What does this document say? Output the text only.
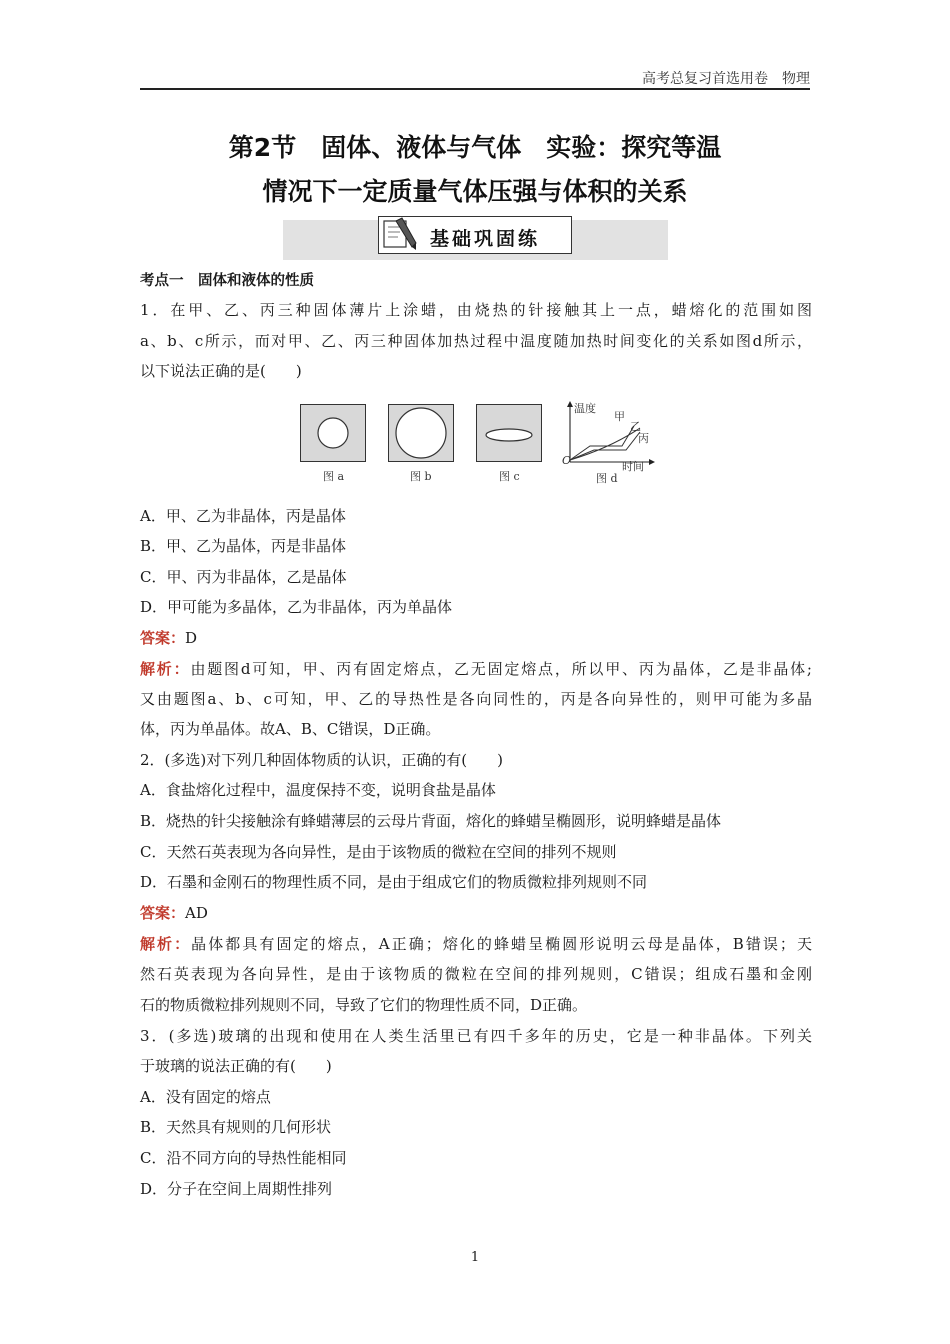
高考总复习首选用卷　物理
第2节　固体、液体与气体　实验：探究等温
情况下一定质量气体压强与体积的关系
基础巩固练
考点一　固体和液体的性质
1．在甲、乙、丙三种固体薄片上涂蜡，由烧热的针接触其上一点，蜡熔化的范围如图
a、b、c所示，而对甲、乙、丙三种固体加热过程中温度随加热时间变化的关系如图d所示，
以下说法正确的是(　　)
图 a	图 b	图 c
温度
甲
乙
丙
O	时间
图 d
A．甲、乙为非晶体，丙是晶体
B．甲、乙为晶体，丙是非晶体
C．甲、丙为非晶体，乙是晶体
D．甲可能为多晶体，乙为非晶体，丙为单晶体
答案：D
解析：由题图d可知，甲、丙有固定熔点，乙无固定熔点，所以甲、丙为晶体，乙是非晶体;
又由题图a、b、c可知，甲、乙的导热性是各向同性的，丙是各向异性的，则甲可能为多晶
体，丙为单晶体。故A、B、C错误，D正确。
2．(多选)对下列几种固体物质的认识，正确的有(　　)
A．食盐熔化过程中，温度保持不变，说明食盐是晶体
B．烧热的针尖接触涂有蜂蜡薄层的云母片背面，熔化的蜂蜡呈椭圆形，说明蜂蜡是晶体
C．天然石英表现为各向异性，是由于该物质的微粒在空间的排列不规则
D．石墨和金刚石的物理性质不同，是由于组成它们的物质微粒排列规则不同
答案：AD
解析：晶体都具有固定的熔点，A正确；熔化的蜂蜡呈椭圆形说明云母是晶体，B错误；天
然石英表现为各向异性，是由于该物质的微粒在空间的排列规则，C错误；组成石墨和金刚
石的物质微粒排列规则不同，导致了它们的物理性质不同，D正确。
3．(多选)玻璃的出现和使用在人类生活里已有四千多年的历史，它是一种非晶体。下列关
于玻璃的说法正确的有(　　)
A．没有固定的熔点
B．天然具有规则的几何形状
C．沿不同方向的导热性能相同
D．分子在空间上周期性排列
1
